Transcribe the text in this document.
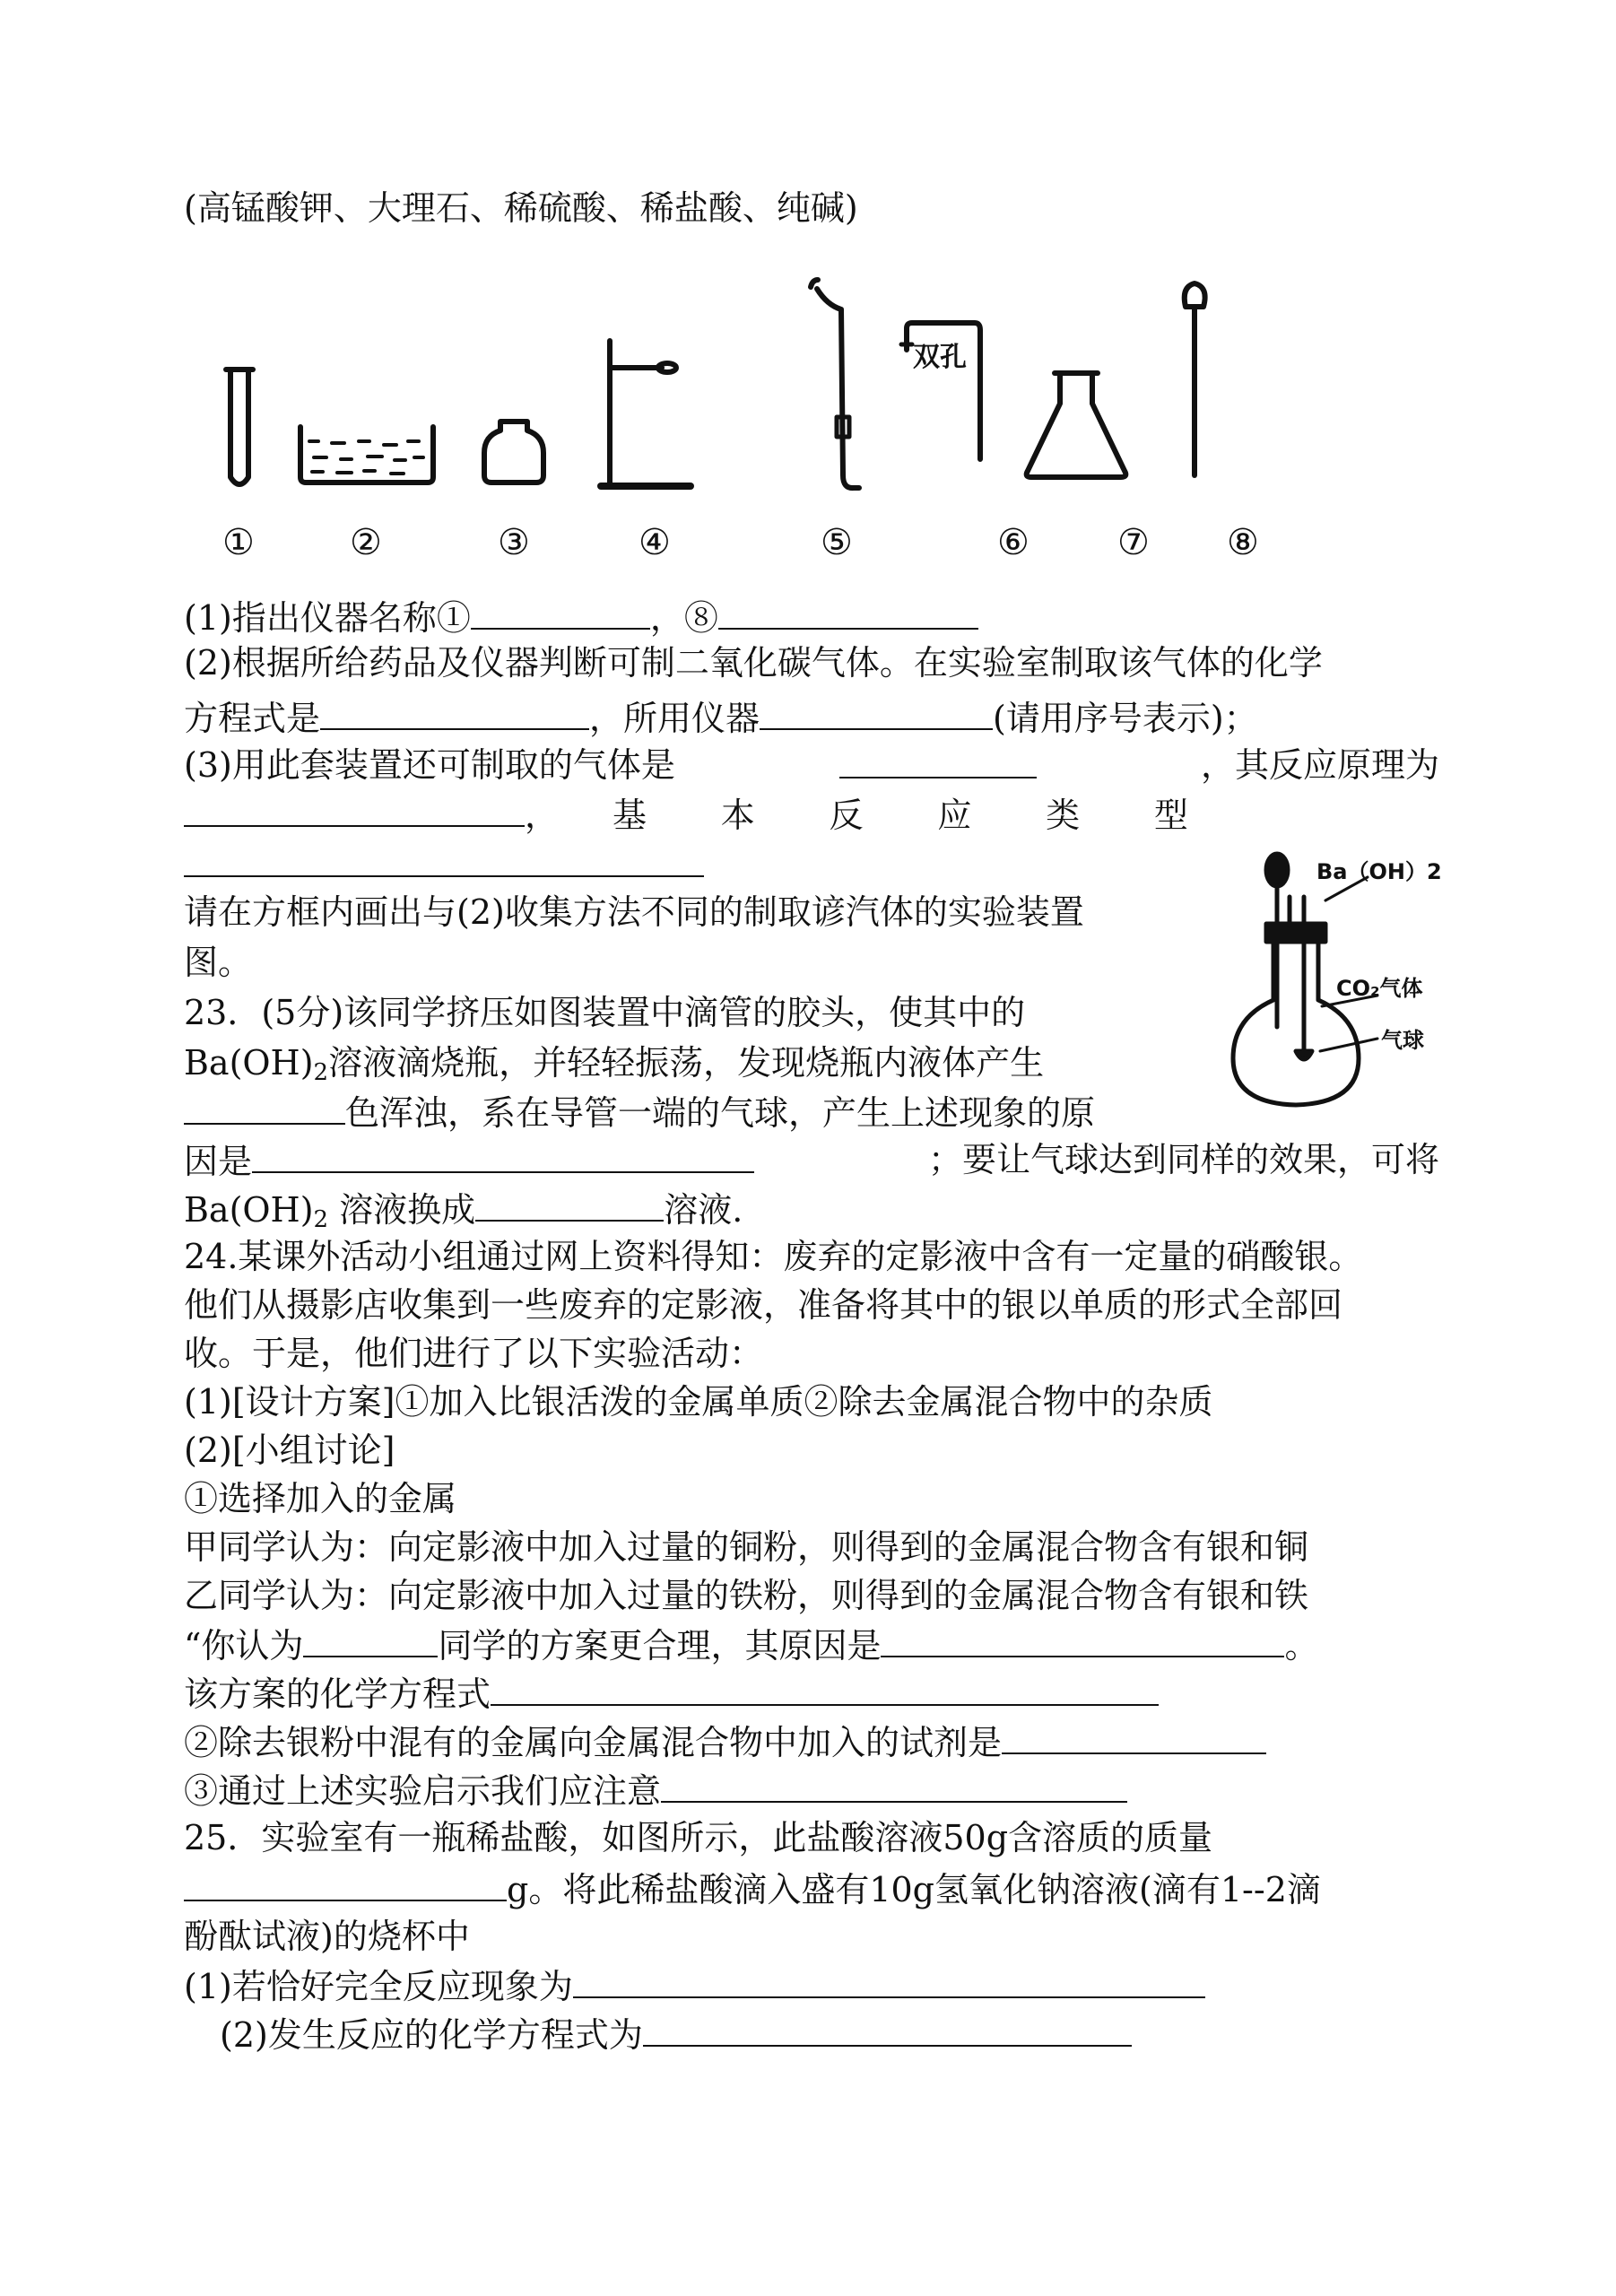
(高锰酸钾、大理石、稀硫酸、稀盐酸、纯碱)
双孔
①	②	③	④	⑤	⑥ ⑦ ⑧
(1)指出仪器名称①	，⑧
(2)根据所给药品及仪器判断可制二氧化碳气体。在实验室制取该气体的化学
方程式是	，所用仪器	(请用序号表示)；
(3)用此套装置还可制取的气体是	，其反应原理为
， 基 本 反 应 类 型
请在方框内画出与(2)收集方法不同的制取谚汽体的实验装置
图。
Ba（OH）2
CO₂气体
气球
23．(5分)该同学挤压如图装置中滴管的胶头，使其中的
$Ba(OH)_2$溶液滴烧瓶，并轻轻振荡，发现烧瓶内液体产生
色浑浊，系在导管一端的气球，产生上述现象的原
因是	；要让气球达到同样的效果，可将
$Ba(OH)_2$ 溶液换成	溶液.
24.某课外活动小组通过网上资料得知：废弃的定影液中含有一定量的硝酸银。
他们从摄影店收集到一些废弃的定影液，准备将其中的银以单质的形式全部回
收。于是，他们进行了以下实验活动：
(1)[设计方案]①加入比银活泼的金属单质②除去金属混合物中的杂质
(2)[小组讨论]
①选择加入的金属
甲同学认为：向定影液中加入过量的铜粉，则得到的金属混合物含有银和铜
乙同学认为：向定影液中加入过量的铁粉，则得到的金属混合物含有银和铁
“你认为	同学的方案更合理，其原因是	。
该方案的化学方程式
②除去银粉中混有的金属向金属混合物中加入的试剂是
③通过上述实验启示我们应注意
25．实验室有一瓶稀盐酸，如图所示，此盐酸溶液50g含溶质的质量
g。将此稀盐酸滴入盛有10g氢氧化钠溶液(滴有1--2滴
酚酞试液)的烧杯中
(1)若恰好完全反应现象为
(2)发生反应的化学方程式为
